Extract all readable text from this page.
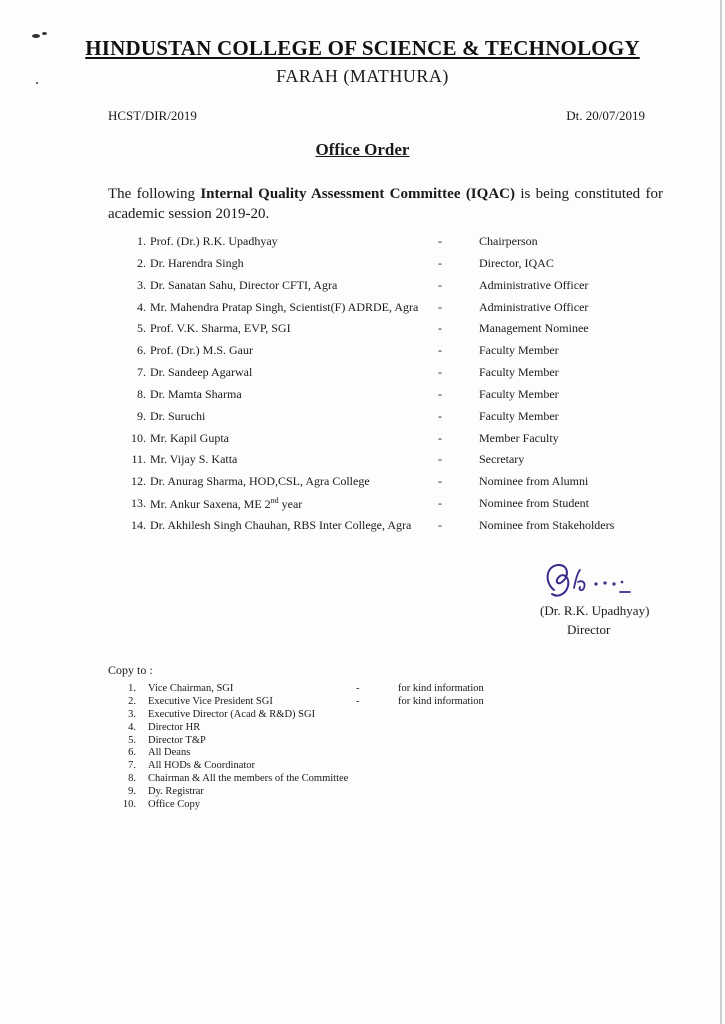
HINDUSTAN COLLEGE OF SCIENCE & TECHNOLOGY
FARAH (MATHURA)
HCST/DIR/2019	Dt. 20/07/2019
Office Order
The following Internal Quality Assessment Committee (IQAC) is being constituted for academic session 2019-20.
1. Prof. (Dr.) R.K. Upadhyay	-	Chairperson
2. Dr. Harendra Singh	-	Director, IQAC
3. Dr. Sanatan Sahu, Director CFTI, Agra	-	Administrative Officer
4. Mr. Mahendra Pratap Singh, Scientist(F) ADRDE, Agra -	Administrative Officer
5. Prof. V.K. Sharma, EVP, SGI	-	Management Nominee
6. Prof. (Dr.) M.S. Gaur	-	Faculty Member
7. Dr. Sandeep Agarwal	-	Faculty Member
8. Dr. Mamta Sharma	-	Faculty Member
9. Dr. Suruchi	-	Faculty Member
10. Mr. Kapil Gupta	-	Member Faculty
11. Mr. Vijay S. Katta	-	Secretary
12. Dr. Anurag Sharma, HOD,CSL, Agra College	-	Nominee from Alumni
13. Mr. Ankur Saxena, ME 2nd year	-	Nominee from Student
14. Dr. Akhilesh Singh Chauhan, RBS Inter College, Agra -	Nominee from Stakeholders
(Dr. R.K. Upadhyay)
Director
Copy to :
1. Vice Chairman, SGI	-	for kind information
2. Executive Vice President SGI	-	for kind information
3. Executive Director (Acad & R&D) SGI
4. Director HR
5. Director T&P
6. All Deans
7. All HODs & Coordinator
8. Chairman & All the members of the Committee
9. Dy. Registrar
10. Office Copy
